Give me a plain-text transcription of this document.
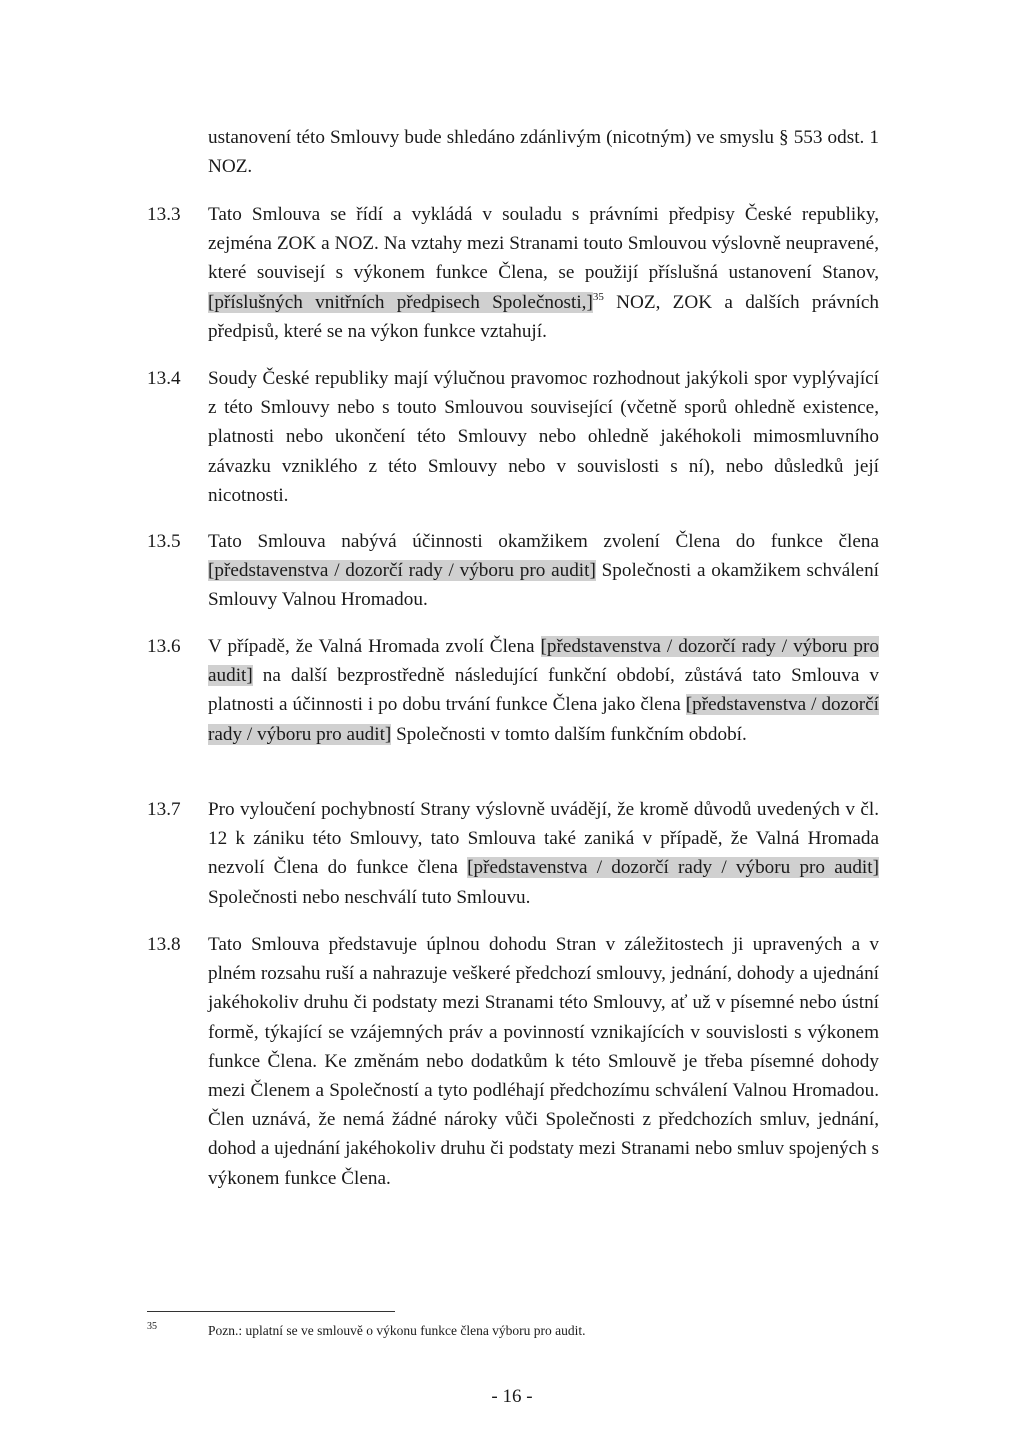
ustanovení této Smlouvy bude shledáno zdánlivým (nicotným) ve smyslu § 553 odst. 1 NOZ.
13.3	Tato Smlouva se řídí a vykládá v souladu s právními předpisy České republiky, zejména ZOK a NOZ. Na vztahy mezi Stranami touto Smlouvou výslovně neupravené, které souvisejí s výkonem funkce Člena, se použijí příslušná ustanovení Stanov, [příslušných vnitřních předpisech Společnosti,]$^{35}$ NOZ, ZOK a dalších právních předpisů, které se na výkon funkce vztahují.
13.4	Soudy České republiky mají výlučnou pravomoc rozhodnout jakýkoli spor vyplývající z této Smlouvy nebo s touto Smlouvou související (včetně sporů ohledně existence, platnosti nebo ukončení této Smlouvy nebo ohledně jakéhokoli mimosmluvního závazku vzniklého z této Smlouvy nebo v souvislosti s ní), nebo důsledků její nicotnosti.
13.5	Tato Smlouva nabývá účinnosti okamžikem zvolení Člena do funkce člena [představenstva / dozorčí rady / výboru pro audit] Společnosti a okamžikem schválení Smlouvy Valnou Hromadou.
13.6	V případě, že Valná Hromada zvolí Člena [představenstva / dozorčí rady / výboru pro audit] na další bezprostředně následující funkční období, zůstává tato Smlouva v platnosti a účinnosti i po dobu trvání funkce Člena jako člena [představenstva / dozorčí rady / výboru pro audit] Společnosti v tomto dalším funkčním období.
13.7	Pro vyloučení pochybností Strany výslovně uvádějí, že kromě důvodů uvedených v čl. 12 k zániku této Smlouvy, tato Smlouva také zaniká v případě, že Valná Hromada nezvolí Člena do funkce člena [představenstva / dozorčí rady / výboru pro audit] Společnosti nebo neschválí tuto Smlouvu.
13.8	Tato Smlouva představuje úplnou dohodu Stran v záležitostech ji upravených a v plném rozsahu ruší a nahrazuje veškeré předchozí smlouvy, jednání, dohody a ujednání jakéhokoliv druhu či podstaty mezi Stranami této Smlouvy, ať už v písemné nebo ústní formě, týkající se vzájemných práv a povinností vznikajících v souvislosti s výkonem funkce Člena. Ke změnám nebo dodatkům k této Smlouvě je třeba písemné dohody mezi Členem a Společností a tyto podléhají předchozímu schválení Valnou Hromadou. Člen uznává, že nemá žádné nároky vůči Společnosti z předchozích smluv, jednání, dohod a ujednání jakéhokoliv druhu či podstaty mezi Stranami nebo smluv spojených s výkonem funkce Člena.
35	Pozn.: uplatní se ve smlouvě o výkonu funkce člena výboru pro audit.
- 16 -
